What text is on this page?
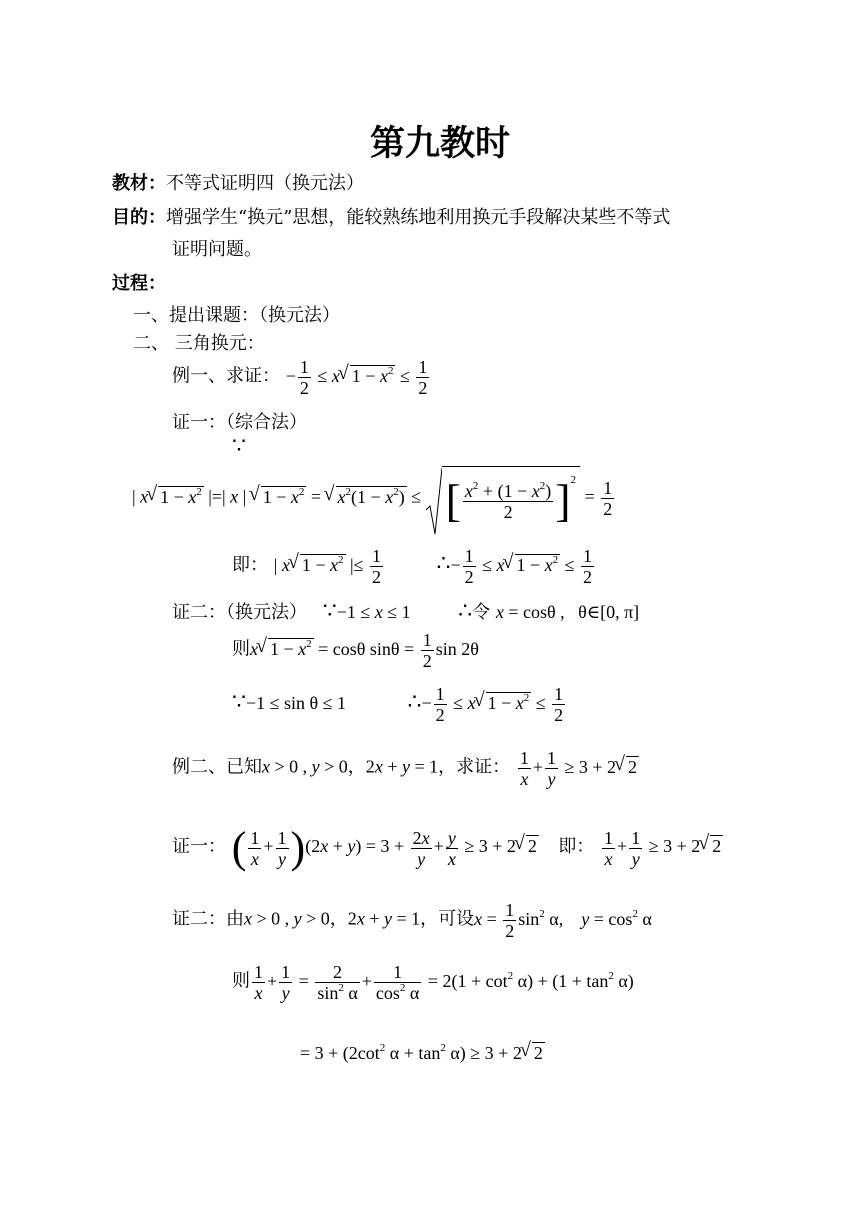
第九教时
教材：不等式证明四（换元法）
目的：增强学生“换元”思想，能较熟练地利用换元手段解决某些不等式
证明问题。
过程：
一、提出课题：（换元法）
二、 三角换元：
例一、求证： − $\frac{1}{2} \le x√$ $1 - x^2 \le \frac{1}{2}$
证一：（综合法）
∵
| x√ $1 - x^2$ |=| x | √ $1 - x^2$ = √ $x^2(1 - x^2)$ ≤
[ $\frac{x^2 + (1 - x^2)}{2} ]^2 = \frac{1}{2}$
即： | x√ $1 - x^2$ |≤ $\frac{1}{2}$ ∴− $\frac{1}{2} \le x√$ $1 - x^2 \le \frac{1}{2}$
证二：（换元法） ∵−1 ≤ x ≤ 1 ∴令 x = cosθ ,   θ∈[0, π]
则x√ $1 - x^2 = \cos\theta$ $\sin\theta = \frac{1}{2}$ sin 2θ
∵−1 ≤ sin θ ≤ 1	∴− $\frac{1}{2} \le x√$ $1 - x^2 \le \frac{1}{2}$
例二、已知x > 0 , y > 0，2x + y = 1，求证： $\frac{1}{x} + \frac{1}{y} \ge 3 + 2√$ 2
证一： ( $\frac{1}{x} + \frac{1}{y} )(2x + y) = 3 + \frac{2x}{y} + \frac{y}{x} \ge 3 + 2√$ 2 即： $\frac{1}{x} + \frac{1}{y} \ge 3 + 2√$ 2
证二：由x > 0 , y > 0，2x + y = 1，可设$x = \frac{1}{2} \sin^2 \alpha$,    $y = \cos^2 \alpha$
则 $\frac{1}{x} + \frac{1}{y} = \frac{2}{\sin^2 \alpha} + \frac{1}{\cos^2 \alpha} = 2(1 + \cot^2 \alpha) + (1 + \tan^2 \alpha)$
= $3 + (2\cot^2$ $\alpha + \tan^2 \alpha) \ge 3 + 2√$ 2
